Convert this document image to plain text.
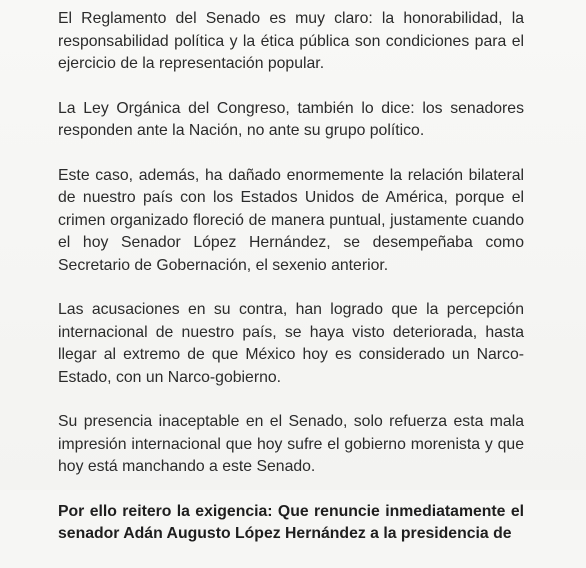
El Reglamento del Senado es muy claro: la honorabilidad, la responsabilidad política y la ética pública son condiciones para el ejercicio de la representación popular.

La Ley Orgánica del Congreso, también lo dice: los senadores responden ante la Nación, no ante su grupo político.

Este caso, además, ha dañado enormemente la relación bilateral de nuestro país con los Estados Unidos de América, porque el crimen organizado floreció de manera puntual, justamente cuando el hoy Senador López Hernández, se desempeñaba como Secretario de Gobernación, el sexenio anterior.

Las acusaciones en su contra, han logrado que la percepción internacional de nuestro país, se haya visto deteriorada, hasta llegar al extremo de que México hoy es considerado un Narco-Estado, con un Narco-gobierno.

Su presencia inaceptable en el Senado, solo refuerza esta mala impresión internacional que hoy sufre el gobierno morenista y que hoy está manchando a este Senado.

Por ello reitero la exigencia: Que renuncie inmediatamente el senador Adán Augusto López Hernández a la presidencia de
